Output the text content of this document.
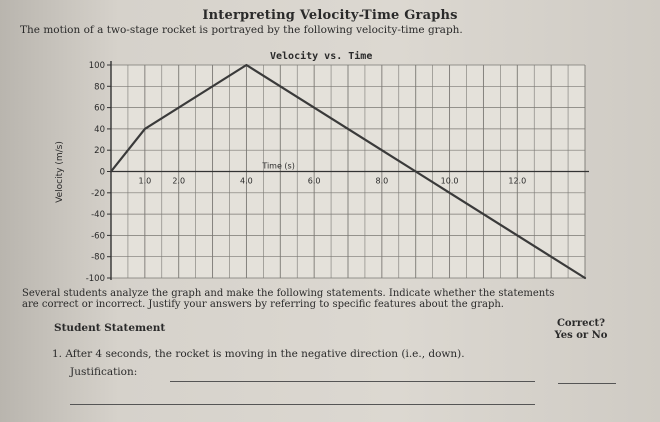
Interpreting Velocity-Time Graphs
The motion of a two-stage rocket is portrayed by the following velocity-time graph.
Velocity vs. Time
Velocity (m/s)
100
80
60
40
20
0
-20
-40
-60
-80
-100
1.0	2.0	4.0	6.0	8.0	10.0	12.0
Time (s)
Several students analyze the graph and make the following statements. Indicate whether the statements
are correct or incorrect. Justify your answers by referring to specific features about the graph.
Student Statement	Correct?
Yes or No
1. After 4 seconds, the rocket is moving in the negative direction (i.e., down).
Justification:
